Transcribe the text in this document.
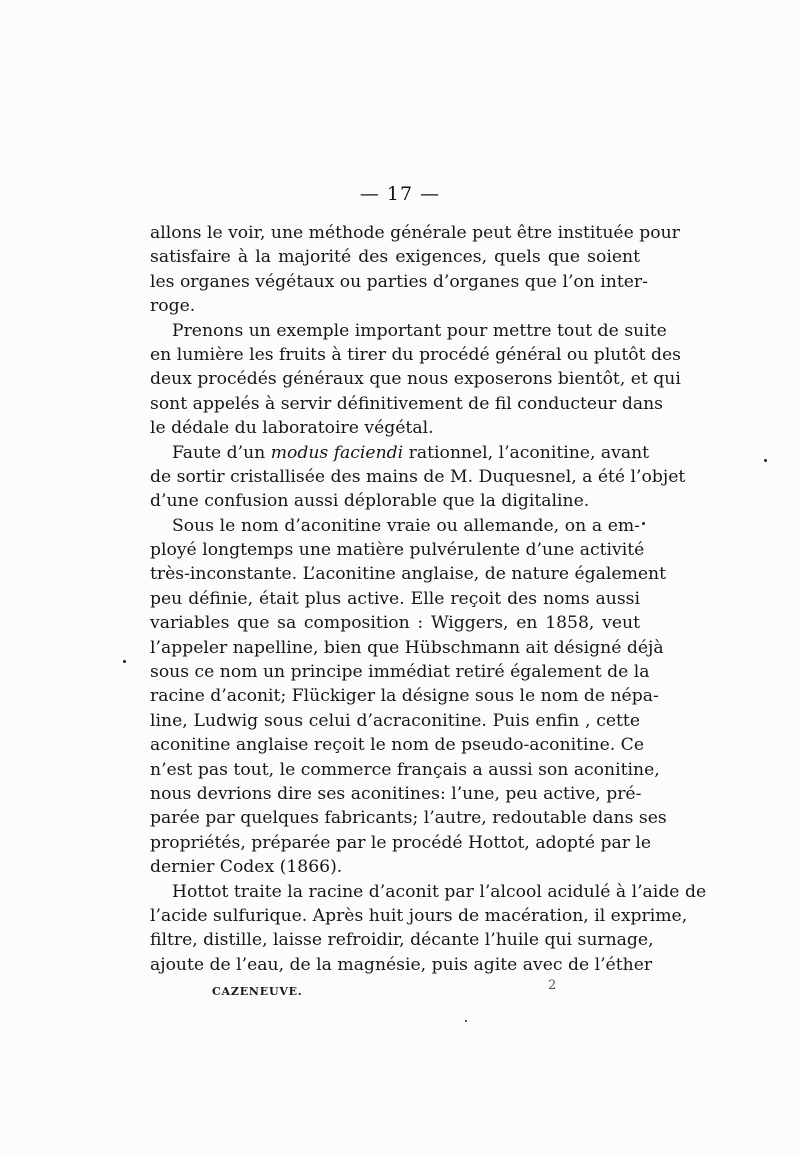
— 17 —
allons le voir, une méthode générale peut être instituée pour
satisfaire à la majorité des exigences, quels que soient
les organes végétaux ou parties d’organes que l’on inter-
roge.
Prenons un exemple important pour mettre tout de suite
en lumière les fruits à tirer du procédé général ou plutôt des
deux procédés généraux que nous exposerons bientôt, et qui
sont appelés à servir définitivement de fil conducteur dans
le dédale du laboratoire végétal.
Faute d’un modus faciendi rationnel, l’aconitine, avant
de sortir cristallisée des mains de M. Duquesnel, a été l’objet
d’une confusion aussi déplorable que la digitaline.
Sous le nom d’aconitine vraie ou allemande, on a em-
ployé longtemps une matière pulvérulente d’une activité
très-inconstante. L’aconitine anglaise, de nature également
peu définie, était plus active. Elle reçoit des noms aussi
variables que sa composition : Wiggers, en 1858, veut
l’appeler napelline, bien que Hübschmann ait désigné déjà
sous ce nom un principe immédiat retiré également de la
racine d’aconit; Flückiger la désigne sous le nom de népa-
line, Ludwig sous celui d’acraconitine. Puis enfin , cette
aconitine anglaise reçoit le nom de pseudo-aconitine. Ce
n’est pas tout, le commerce français a aussi son aconitine,
nous devrions dire ses aconitines: l’une, peu active, pré-
parée par quelques fabricants; l’autre, redoutable dans ses
propriétés, préparée par le procédé Hottot, adopté par le
dernier Codex (1866).
Hottot traite la racine d’aconit par l’alcool acidulé à l’aide de
l’acide sulfurique. Après huit jours de macération, il exprime,
filtre, distille, laisse refroidir, décante l’huile qui surnage,
ajoute de l’eau, de la magnésie, puis agite avec de l’éther
CAZENEUVE.	2
